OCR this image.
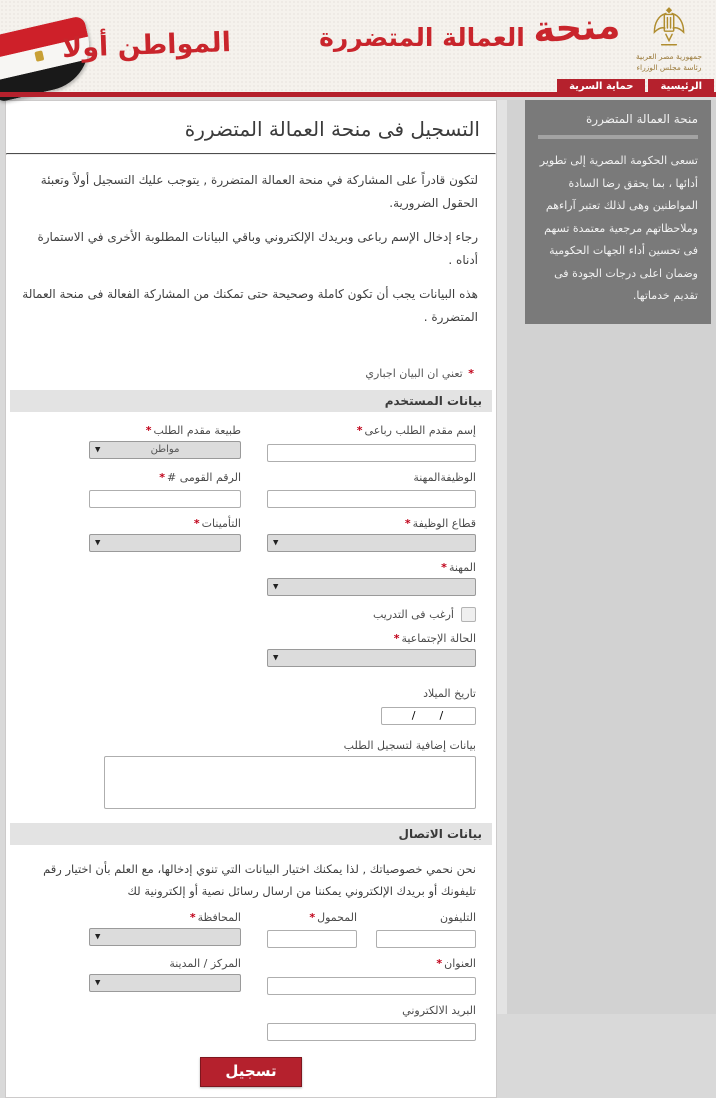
منحة
العمالة المتضررة
المواطن أولا	جمهورية مصر العربية
رئاسة مجلس الوزراء
الرئيسية
حماية السرية
منحة العمالة المتضررة
تسعى الحكومة المصرية إلى تطوير أدائها ، بما يحقق رضا السادة المواطنين وهى لذلك تعتبر آراءهم وملاحظاتهم مرجعية معتمدة تسهم فى تحسين أداء الجهات الحكومية وضمان اعلى درجات الجودة فى تقديم خدماتها.
التسجيل فى منحة العمالة المتضررة

لتكون قادراً على المشاركة في منحة العمالة المتضررة , يتوجب عليك التسجيل أولاً وتعبئة الحقول الضرورية.

رجاء إدخال الإسم رباعى وبريدك الإلكتروني وباقي البيانات المطلوبة الأخرى في الاستمارة أدناه .

هذه البيانات يجب أن تكون كاملة وصحيحة حتى تمكنك من المشاركة الفعالة فى منحة العمالة المتضررة .

* تعني ان البيان اجباري
بيانات المستخدم
إسم مقدم الطلب رباعى*
طبيعة مقدم الطلب*
مواطن
▼
الوظيفةالمهنة
الرقم القومى #*
قطاع الوظيفة*
▼
التأمينات*
▼
المهنة*
▼
أرغب فى التدريب
الحالة الإجتماعية*
▼
تاريخ الميلاد
/ /
بيانات إضافية لتسجيل الطلب
بيانات الاتصال
نحن نحمي خصوصياتك , لذا يمكنك اختيار البيانات التي تنوي إدخالها، مع العلم بأن اختيار رقم تليفونك أو بريدك الإلكتروني يمكننا من ارسال رسائل نصية أو إلكترونية لك
التليفون
المحمول*
المحافظة*
▼
العنوان*
المركز / المدينة
▼
البريد الالكتروني
تسجيل
